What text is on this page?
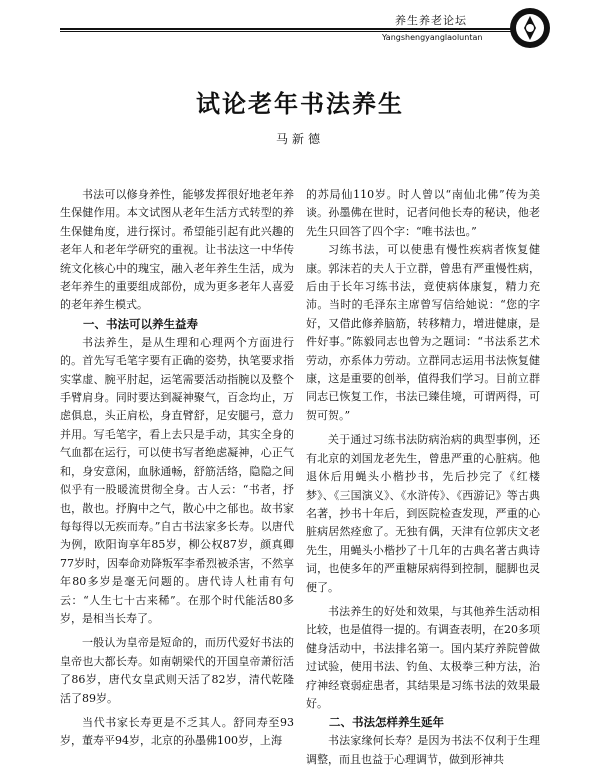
养生养老论坛
Yangshengyanglaoluntan
试论老年书法养生
马新德

书法可以修身养性，能够发挥很好地老年养生保健作用。本文试图从老年生活方式转型的养生保健角度，进行探讨。希望能引起有此兴趣的老年人和老年学研究的重视。让书法这一中华传统文化核心中的瑰宝，融入老年养生生活，成为老年养生的重要组成部份，成为更多老年人喜爱的老年养生模式。

一、书法可以养生益寿

书法养生，是从生理和心理两个方面进行的。首先写毛笔字要有正确的姿势，执笔要求指实掌虚、腕平肘起，运笔需要活动指腕以及整个手臂肩身。同时要达到凝神聚气，百念均止，万虑俱息，头正肩松，身直臂舒，足安腿弓，意力并用。写毛笔字，看上去只是手动，其实全身的气血都在运行，可以使书写者绝虑凝神，心正气和，身安意闲，血脉通畅，舒筋活络，隐隐之间似乎有一股暖流贯彻全身。古人云：“书者，抒也，散也。抒胸中之气，散心中之郁也。故书家每每得以无疾而寿。”自古书法家多长寿。以唐代为例，欧阳询享年85岁，柳公权87岁，颜真卿77岁时，因奉命劝降叛军李希烈被杀害，不然享年80多岁是毫无问题的。唐代诗人杜甫有句云：“人生七十古来稀”。在那个时代能活80多岁，是相当长寿了。

一般认为皇帝是短命的，而历代爱好书法的皇帝也大都长寿。如南朝梁代的开国皇帝萧衍活了86岁，唐代女皇武则天活了82岁，清代乾隆活了89岁。

当代书家长寿更是不乏其人。舒同寿至93岁，董寿平94岁，北京的孙墨佛100岁，上海

的苏局仙110岁。时人曾以“南仙北佛”传为美谈。孙墨佛在世时，记者问他长寿的秘诀，他老先生只回答了四个字：“唯书法也。”

习练书法，可以使患有慢性疾病者恢复健康。郭沫若的夫人于立群，曾患有严重慢性病，后由于长年习练书法，竟使病体康复，精力充沛。当时的毛泽东主席曾写信给她说：“您的字好，又借此修养脑筋，转移精力，增进健康，是件好事。”陈毅同志也曾为之题词：“书法系艺术劳动，亦系体力劳动。立群同志运用书法恢复健康，这是重要的创举，值得我们学习。目前立群同志已恢复工作，书法已臻佳境，可谓两得，可贺可贺。”

关于通过习练书法防病治病的典型事例，还有北京的刘国龙老先生，曾患严重的心脏病。他退休后用蝇头小楷抄书，先后抄完了《红楼梦》、《三国演义》、《水浒传》、《西游记》等古典名著，抄书十年后，到医院检查发现，严重的心脏病居然痊愈了。无独有偶，天津有位郭庆文老先生，用蝇头小楷抄了十几年的古典名著古典诗词，也使多年的严重糖尿病得到控制，腿脚也灵便了。

书法养生的好处和效果，与其他养生活动相比较，也是值得一提的。有调查表明，在20多项健身活动中，书法排名第一。国内某疗养院曾做过试验，使用书法、钓鱼、太极拳三种方法，治疗神经衰弱症患者，其结果是习练书法的效果最好。

二、书法怎样养生延年

书法家缘何长寿？是因为书法不仅利于生理调整，而且也益于心理调节，做到形神共
